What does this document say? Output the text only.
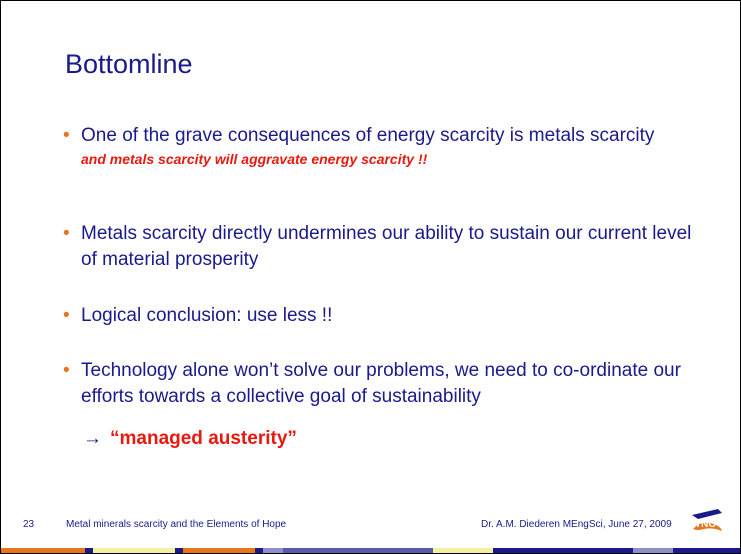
Bottomline
• One of the grave consequences of energy scarcity is metals scarcity
and metals scarcity will aggravate energy scarcity !!
• Metals scarcity directly undermines our ability to sustain our current level of material prosperity
• Logical conclusion: use less !!
• Technology alone won’t solve our problems, we need to co-ordinate our efforts towards a collective goal of sustainability
→ “managed austerity”
23	Metal minerals scarcity and the Elements of Hope	Dr. A.M. Diederen MEngSci, June 27, 2009 TNO
